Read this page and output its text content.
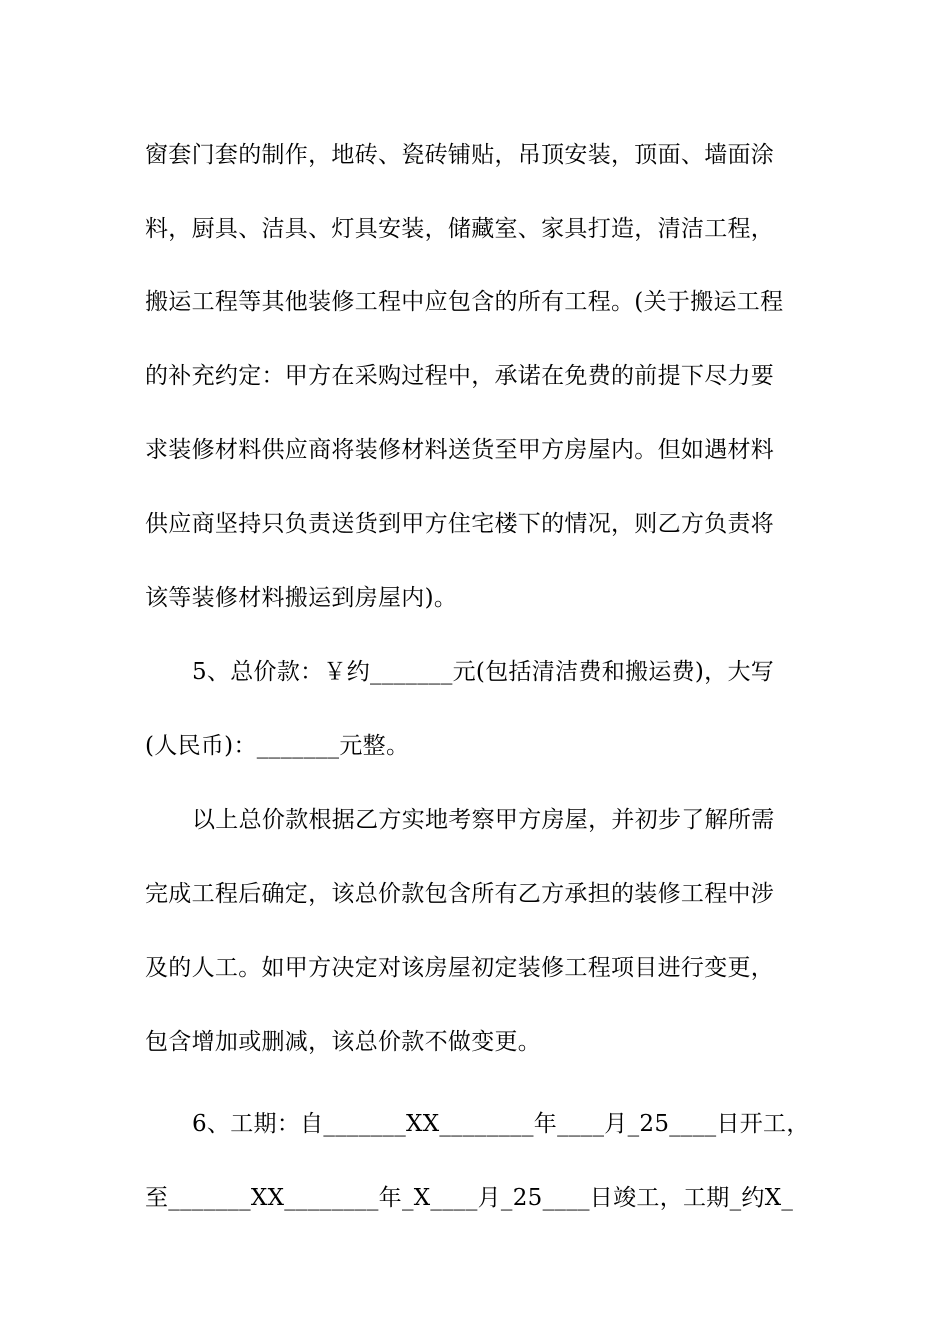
窗套门套的制作，地砖、瓷砖铺贴，吊顶安装，顶面、墙面涂
料，厨具、洁具、灯具安装，储藏室、家具打造，清洁工程，
搬运工程等其他装修工程中应包含的所有工程。(关于搬运工程
的补充约定：甲方在采购过程中，承诺在免费的前提下尽力要
求装修材料供应商将装修材料送货至甲方房屋内。但如遇材料
供应商坚持只负责送货到甲方住宅楼下的情况，则乙方负责将
该等装修材料搬运到房屋内)。
5、总价款：￥约_______元(包括清洁费和搬运费)，大写
(人民币)：_______元整。
以上总价款根据乙方实地考察甲方房屋，并初步了解所需
完成工程后确定，该总价款包含所有乙方承担的装修工程中涉
及的人工。如甲方决定对该房屋初定装修工程项目进行变更，
包含增加或删减，该总价款不做变更。
6、工期：自_______XX________年____月_25____日开工，
至_______XX________年_X____月_25____日竣工，工期_约X_
